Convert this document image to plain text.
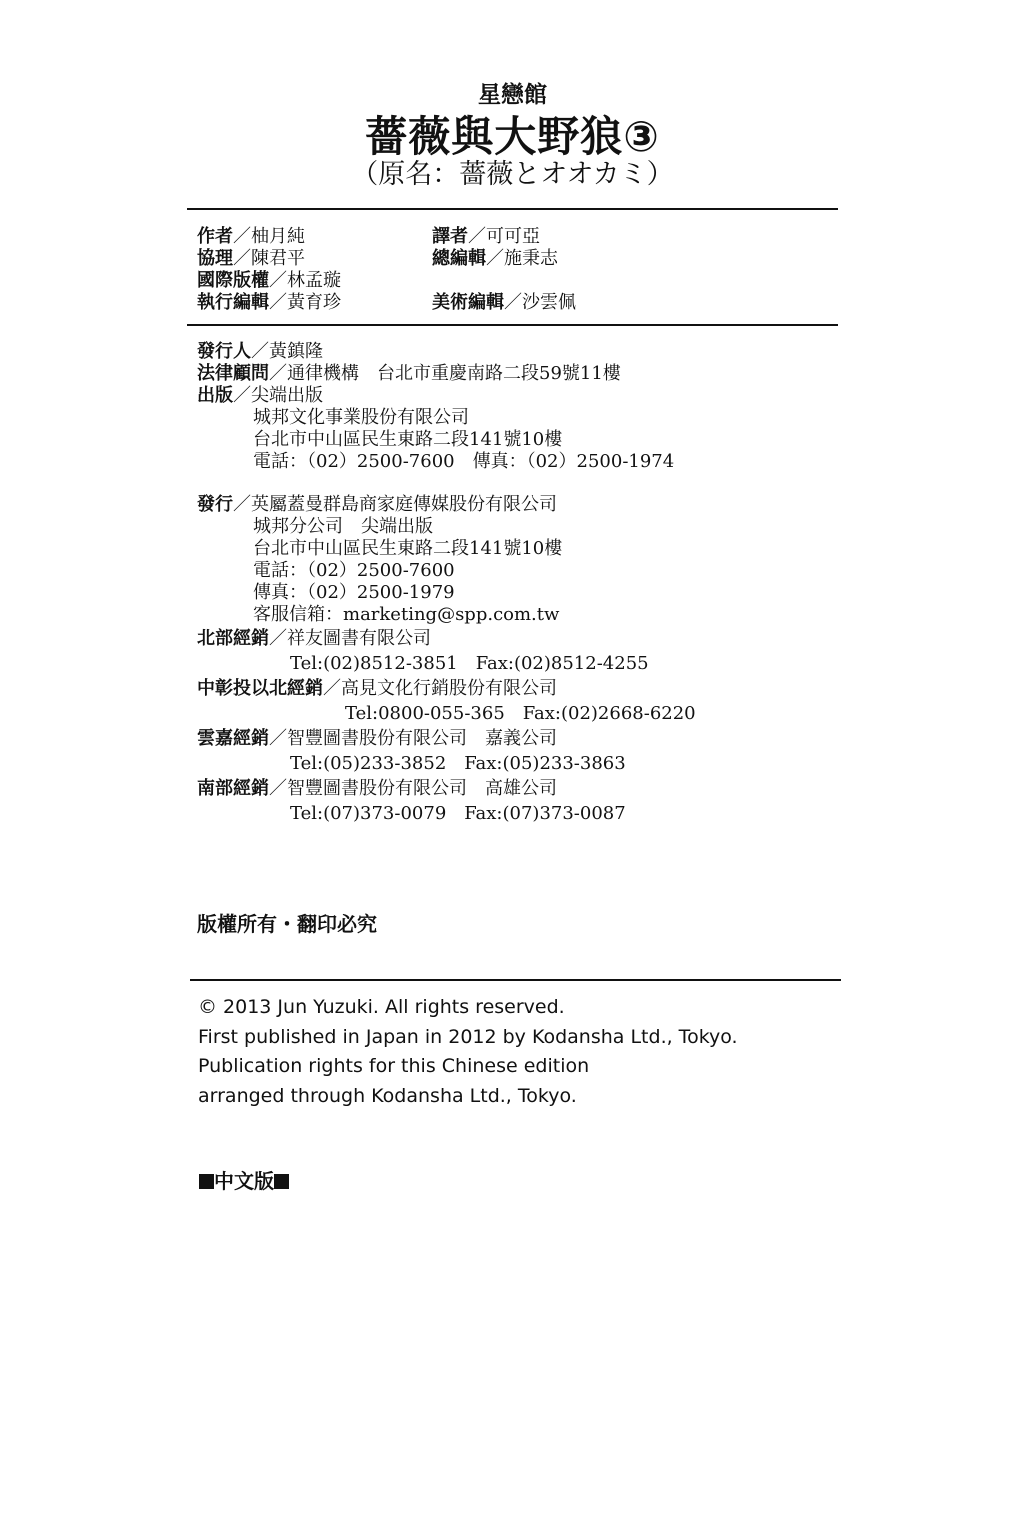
星戀館
薔薇與大野狼③
（原名：薔薇とオオカミ）
作者／柚月純	譯者／可可亞
協理／陳君平	總編輯／施秉志
國際版權／林孟璇
執行編輯／黃育珍	美術編輯／沙雲佩
發行人／黃鎮隆
法律顧問／通律機構　台北市重慶南路二段59號11樓
出版／尖端出版
城邦文化事業股份有限公司
台北市中山區民生東路二段141號10樓
電話：（02）2500-7600　傳真：（02）2500-1974
發行／英屬蓋曼群島商家庭傳媒股份有限公司
城邦分公司　尖端出版
台北市中山區民生東路二段141號10樓
電話：（02）2500-7600
傳真：（02）2500-1979
客服信箱：marketing@spp.com.tw
北部經銷／祥友圖書有限公司
Tel:(02)8512-3851　Fax:(02)8512-4255
中彰投以北經銷／高見文化行銷股份有限公司
Tel:0800-055-365　Fax:(02)2668-6220
雲嘉經銷／智豐圖書股份有限公司　嘉義公司
Tel:(05)233-3852　Fax:(05)233-3863
南部經銷／智豐圖書股份有限公司　高雄公司
Tel:(07)373-0079　Fax:(07)373-0087
版權所有・翻印必究
© 2013 Jun Yuzuki. All rights reserved.
First published in Japan in 2012 by Kodansha Ltd., Tokyo.
Publication rights for this Chinese edition
arranged through Kodansha Ltd., Tokyo.
中文版
